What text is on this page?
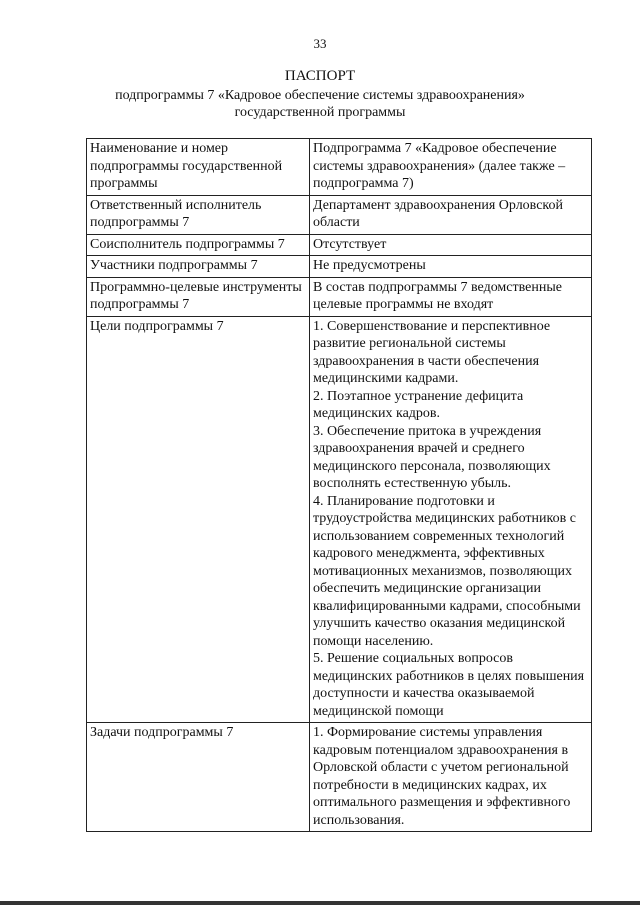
33
ПАСПОРТ
подпрограммы 7 «Кадровое обеспечение системы здравоохранения»
государственной программы
Наименование и номер подпрограммы государственной программы	Подпрограмма 7 «Кадровое обеспечение системы здравоохранения» (далее также – подпрограмма 7)
Ответственный исполнитель подпрограммы 7	Департамент здравоохранения Орловской области
Соисполнитель подпрограммы 7	Отсутствует
Участники подпрограммы 7	Не предусмотрены
Программно-целевые инструменты подпрограммы 7	В состав подпрограммы 7 ведомственные целевые программы не входят
Цели подпрограммы 7	1. Совершенствование и перспективное развитие региональной системы здравоохранения в части обеспечения медицинскими кадрами.
2. Поэтапное устранение дефицита медицинских кадров.
3. Обеспечение притока в учреждения здравоохранения врачей и среднего медицинского персонала, позволяющих восполнять естественную убыль.
4. Планирование подготовки и трудоустройства медицинских работников с использованием современных технологий кадрового менеджмента, эффективных мотивационных механизмов, позволяющих обеспечить медицинские организации квалифицированными кадрами, способными улучшить качество оказания медицинской помощи населению.
5. Решение социальных вопросов медицинских работников в целях повышения доступности и качества оказываемой медицинской помощи

Задачи подпрограммы 7	1. Формирование системы управления кадровым потенциалом здравоохранения в Орловской области с учетом региональной потребности в медицинских кадрах, их оптимального размещения и эффективного использования.
